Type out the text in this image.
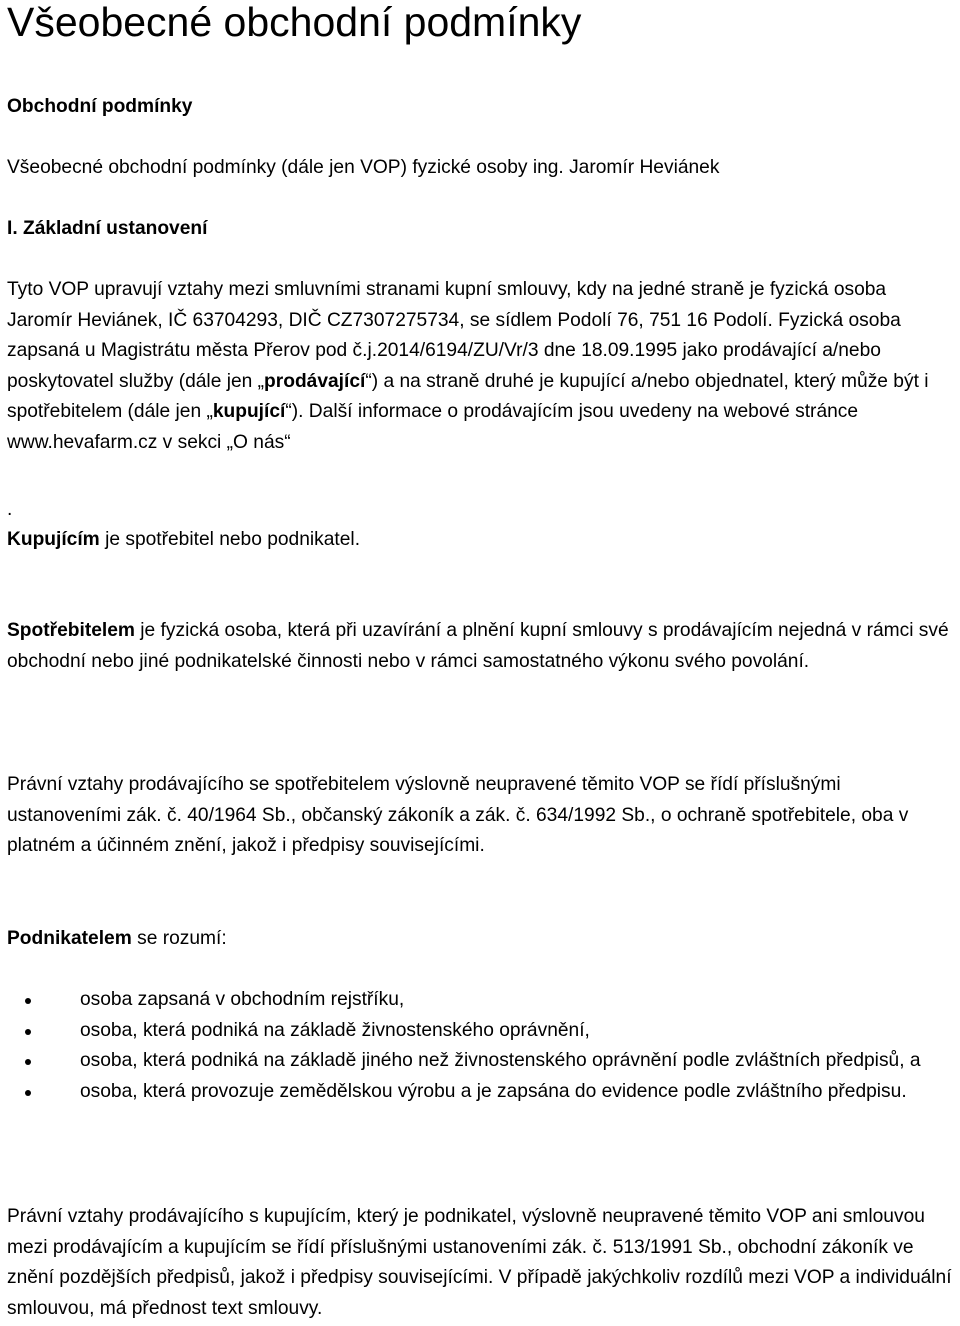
Všeobecné obchodní podmínky

Obchodní podmínky

Všeobecné obchodní podmínky (dále jen VOP) fyzické osoby ing. Jaromír Heviánek

I. Základní ustanovení

Tyto VOP upravují vztahy mezi smluvními stranami kupní smlouvy, kdy na jedné straně je fyzická osoba Jaromír Heviánek, IČ 63704293, DIČ CZ7307275734, se sídlem Podolí 76, 751 16 Podolí. Fyzická osoba zapsaná u Magistrátu města Přerov pod č.j.2014/6194/ZU/Vr/3 dne 18.09.1995 jako prodávající a/nebo poskytovatel služby (dále jen „prodávající“) a na straně druhé je kupující a/nebo objednatel, který může být i spotřebitelem (dále jen „kupující“). Další informace o prodávajícím jsou uvedeny na webové stránce www.hevafarm.cz v sekci „O nás“

.

Kupujícím je spotřebitel nebo podnikatel.

Spotřebitelem je fyzická osoba, která při uzavírání a plnění kupní smlouvy s prodávajícím nejedná v rámci své obchodní nebo jiné podnikatelské činnosti nebo v rámci samostatného výkonu svého povolání.

Právní vztahy prodávajícího se spotřebitelem výslovně neupravené těmito VOP se řídí příslušnými ustanoveními zák. č. 40/1964 Sb., občanský zákoník a zák. č. 634/1992 Sb., o ochraně spotřebitele, oba v platném a účinném znění, jakož i předpisy souvisejícími.

Podnikatelem se rozumí:

osoba zapsaná v obchodním rejstříku,
osoba, která podniká na základě živnostenského oprávnění,
osoba, která podniká na základě jiného než živnostenského oprávnění podle zvláštních předpisů, a
osoba, která provozuje zemědělskou výrobu a je zapsána do evidence podle zvláštního předpisu.

Právní vztahy prodávajícího s kupujícím, který je podnikatel, výslovně neupravené těmito VOP ani smlouvou mezi prodávajícím a kupujícím se řídí příslušnými ustanoveními zák. č. 513/1991 Sb., obchodní zákoník ve znění pozdějších předpisů, jakož i předpisy souvisejícími. V případě jakýchkoliv rozdílů mezi VOP a individuální smlouvou, má přednost text smlouvy.
